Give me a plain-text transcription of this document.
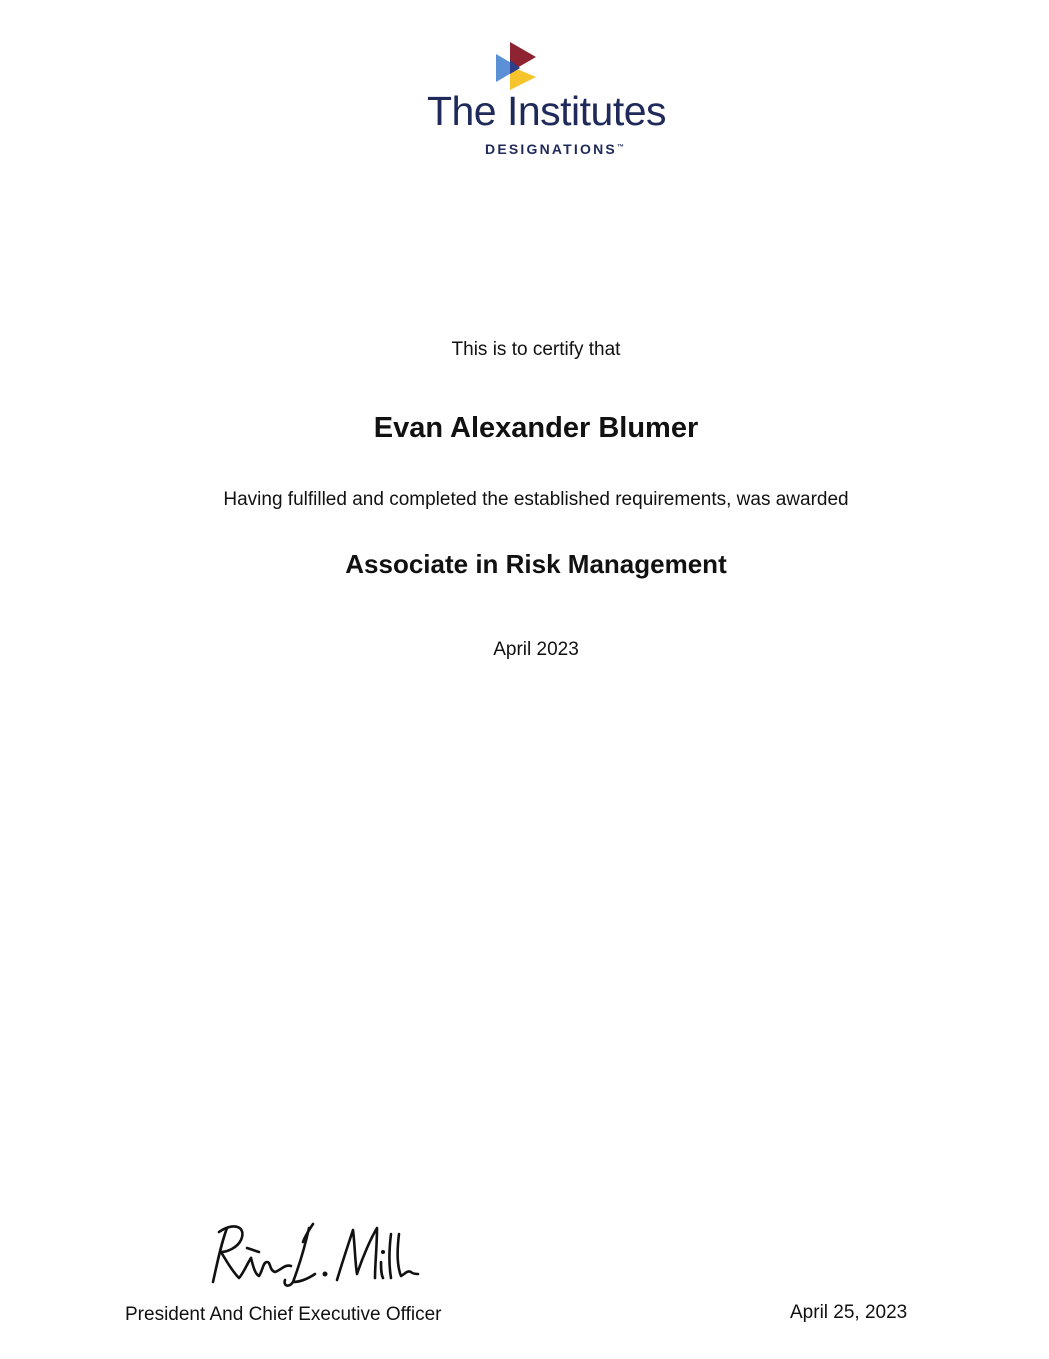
The Institutes
DESIGNATIONS™
This is to certify that
Evan Alexander Blumer
Having fulfilled and completed the established requirements, was awarded
Associate in Risk Management
April 2023
President And Chief Executive Officer	April 25, 2023
